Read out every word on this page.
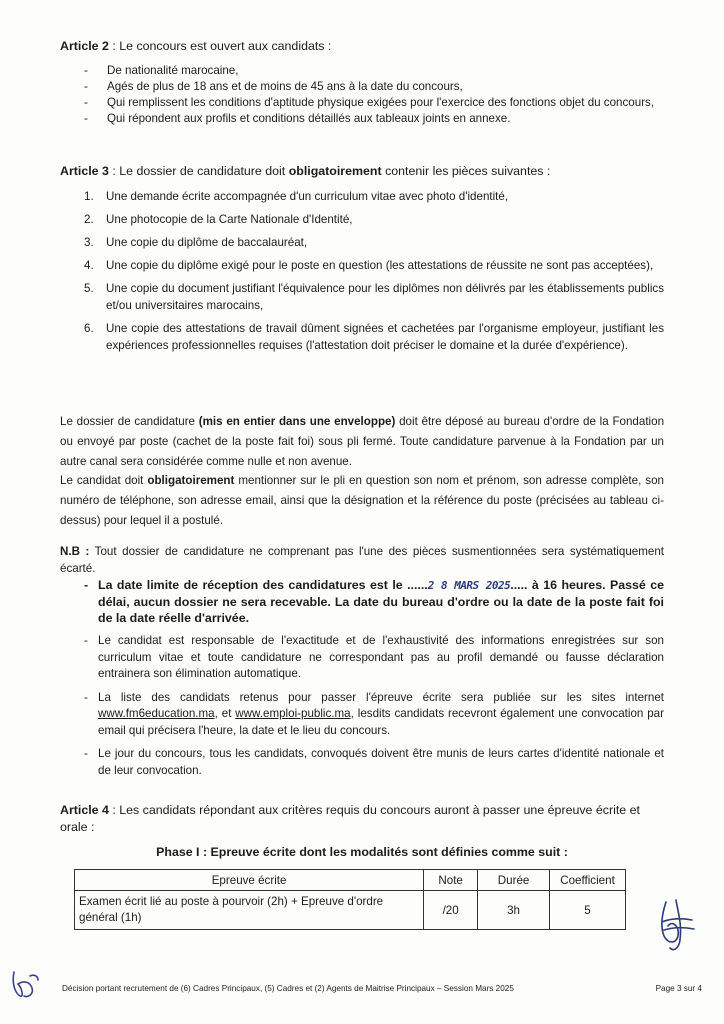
Article 2 : Le concours est ouvert aux candidats :
- De nationalité marocaine,
- Agés de plus de 18 ans et de moins de 45 ans à la date du concours,
- Qui remplissent les conditions d'aptitude physique exigées pour l'exercice des fonctions objet du concours,
- Qui répondent aux profils et conditions détaillés aux tableaux joints en annexe.
Article 3 : Le dossier de candidature doit obligatoirement contenir les pièces suivantes :
1. Une demande écrite accompagnée d'un curriculum vitae avec photo d'identité,
2. Une photocopie de la Carte Nationale d'Identité,
3. Une copie du diplôme de baccalauréat,
4. Une copie du diplôme exigé pour le poste en question (les attestations de réussite ne sont pas acceptées),
5. Une copie du document justifiant l'équivalence pour les diplômes non délivrés par les établissements publics et/ou universitaires marocains,
6. Une copie des attestations de travail dûment signées et cachetées par l'organisme employeur, justifiant les expériences professionnelles requises (l'attestation doit préciser le domaine et la durée d'expérience).

Le dossier de candidature (mis en entier dans une enveloppe) doit être déposé au bureau d'ordre de la Fondation ou envoyé par poste (cachet de la poste fait foi) sous pli fermé. Toute candidature parvenue à la Fondation par un autre canal sera considérée comme nulle et non avenue.

Le candidat doit obligatoirement mentionner sur le pli en question son nom et prénom, son adresse complète, son numéro de téléphone, son adresse email, ainsi que la désignation et la référence du poste (précisées au tableau ci-dessus) pour lequel il a postulé.

N.B : Tout dossier de candidature ne comprenant pas l'une des pièces susmentionnées sera systématiquement écarté.
- La date limite de réception des candidatures est le ......2 8 MARS 2025..... à 16 heures. Passé ce délai, aucun dossier ne sera recevable. La date du bureau d'ordre ou la date de la poste fait foi de la date réelle d'arrivée.
- Le candidat est responsable de l'exactitude et de l'exhaustivité des informations enregistrées sur son curriculum vitae et toute candidature ne correspondant pas au profil demandé ou fausse déclaration entrainera son élimination automatique.
- La liste des candidats retenus pour passer l'épreuve écrite sera publiée sur les sites internet www.fm6education.ma, et www.emploi-public.ma, lesdits candidats recevront également une convocation par email qui précisera l'heure, la date et le lieu du concours.
- Le jour du concours, tous les candidats, convoqués doivent être munis de leurs cartes d'identité nationale et de leur convocation.
Article 4 : Les candidats répondant aux critères requis du concours auront à passer une épreuve écrite et orale :
Phase I : Epreuve écrite dont les modalités sont définies comme suit :
Epreuve écrite	Note	Durée	Coefficient
Examen écrit lié au poste à pourvoir (2h) + Epreuve d'ordre général (1h)	/20	3h	5
Décision portant recrutement de (6) Cadres Principaux, (5) Cadres et (2) Agents de Maitrise Principaux – Session Mars 2025	Page 3 sur 4
